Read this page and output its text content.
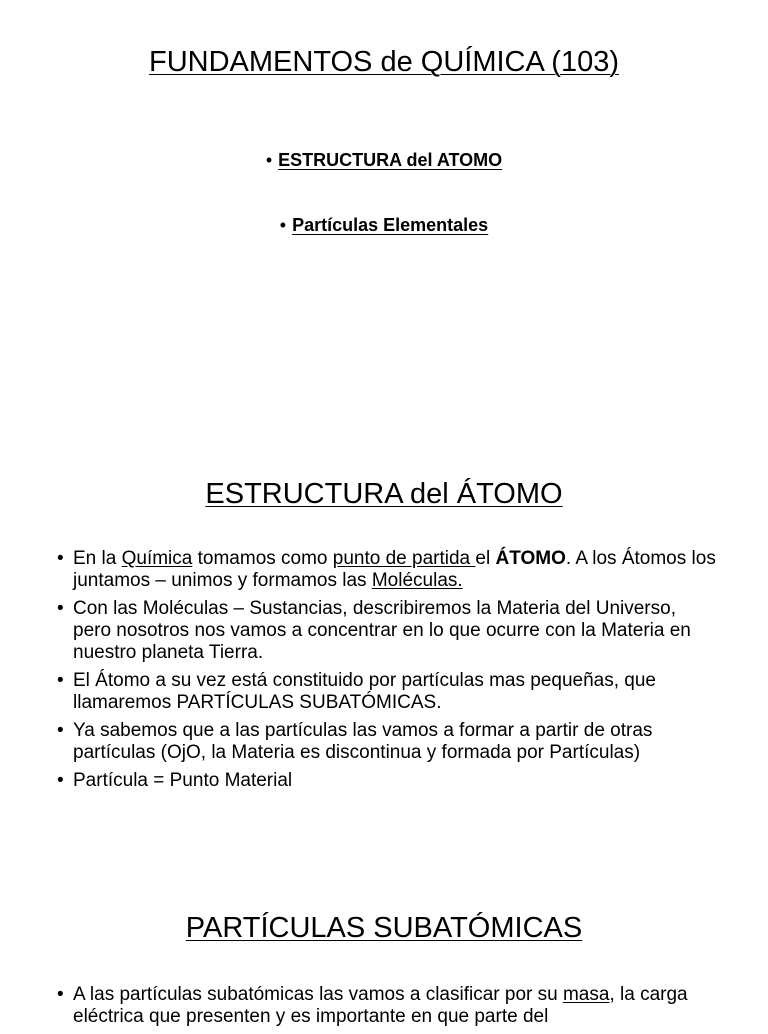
FUNDAMENTOS de QUÍMICA (103)
• ESTRUCTURA del ATOMO
• Partículas Elementales
ESTRUCTURA del ÁTOMO
• En la Química tomamos como punto de partida el ÁTOMO. A los Átomos los juntamos – unimos y formamos las Moléculas.
• Con las Moléculas – Sustancias, describiremos la Materia del Universo, pero nosotros nos vamos a concentrar en lo que ocurre con la Materia en nuestro planeta Tierra.
• El Átomo a su vez está constituido por partículas mas pequeñas, que llamaremos PARTÍCULAS SUBATÓMICAS.
• Ya sabemos que a las partículas las vamos a formar a partir de otras partículas (OjO, la Materia es discontinua y formada por Partículas)
• Partícula = Punto Material
PARTÍCULAS SUBATÓMICAS
• A las partículas subatómicas las vamos a clasificar por su masa, la carga eléctrica que presenten y es importante en que parte del
